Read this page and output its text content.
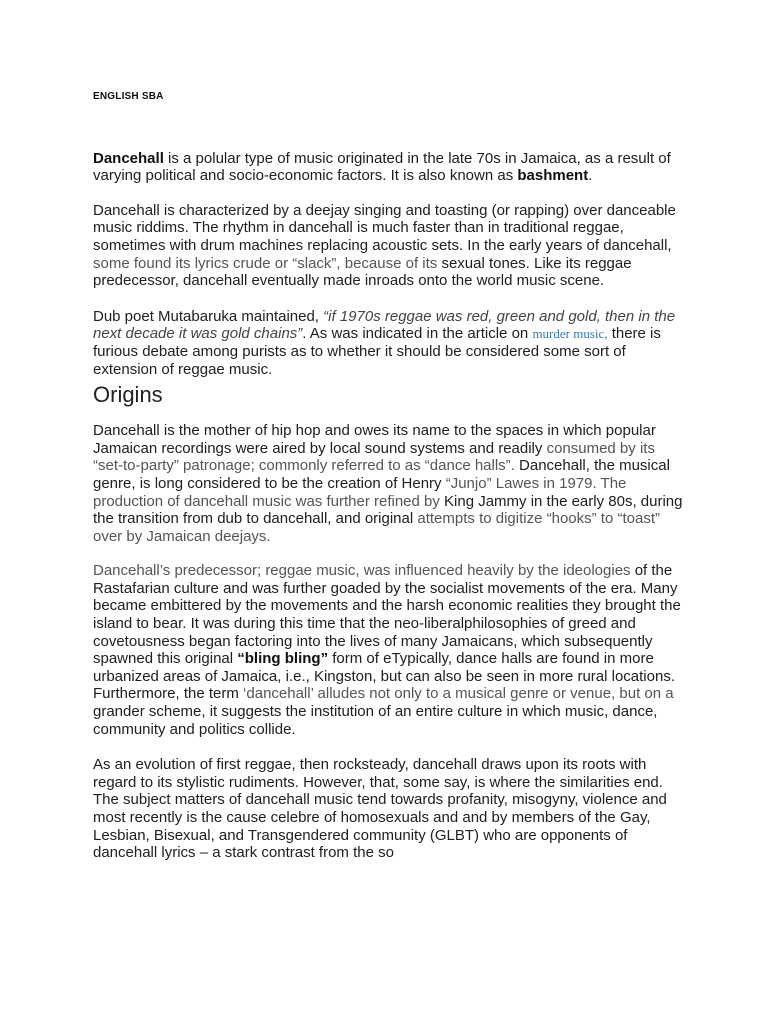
ENGLISH SBA

Dancehall is a polular type of music originated in the late 70s in Jamaica, as a result of varying political and socio-economic factors. It is also known as bashment.

Dancehall is characterized by a deejay singing and toasting (or rapping) over danceable music riddims. The rhythm in dancehall is much faster than in traditional reggae, sometimes with drum machines replacing acoustic sets. In the early years of dancehall, some found its lyrics crude or “slack”, because of its sexual tones. Like its reggae predecessor, dancehall eventually made inroads onto the world music scene.

Dub poet Mutabaruka maintained, “if 1970s reggae was red, green and gold, then in the next decade it was gold chains”. As was indicated in the article on murder music, there is furious debate among purists as to whether it should be considered some sort of extension of reggae music.

Origins

Dancehall is the mother of hip hop and owes its name to the spaces in which popular Jamaican recordings were aired by local sound systems and readily consumed by its “set-to-party” patronage; commonly referred to as “dance halls”. Dancehall, the musical genre, is long considered to be the creation of Henry “Junjo” Lawes in 1979. The production of dancehall music was further refined by King Jammy in the early 80s, during the transition from dub to dancehall, and original attempts to digitize “hooks” to “toast” over by Jamaican deejays.

Dancehall’s predecessor; reggae music, was influenced heavily by the ideologies of the Rastafarian culture and was further goaded by the socialist movements of the era. Many became embittered by the movements and the harsh economic realities they brought the island to bear. It was during this time that the neo-liberalphilosophies of greed and covetousness began factoring into the lives of many Jamaicans, which subsequently spawned this original “bling bling” form of eTypically, dance halls are found in more urbanized areas of Jamaica, i.e., Kingston, but can also be seen in more rural locations. Furthermore, the term ‘dancehall’ alludes not only to a musical genre or venue, but on a grander scheme, it suggests the institution of an entire culture in which music, dance, community and politics collide.

As an evolution of first reggae, then rocksteady, dancehall draws upon its roots with regard to its stylistic rudiments. However, that, some say, is where the similarities end. The subject matters of dancehall music tend towards profanity, misogyny, violence and most recently is the cause celebre of homosexuals and and by members of the Gay, Lesbian, Bisexual, and Transgendered community (GLBT) who are opponents of dancehall lyrics – a stark contrast from the so
